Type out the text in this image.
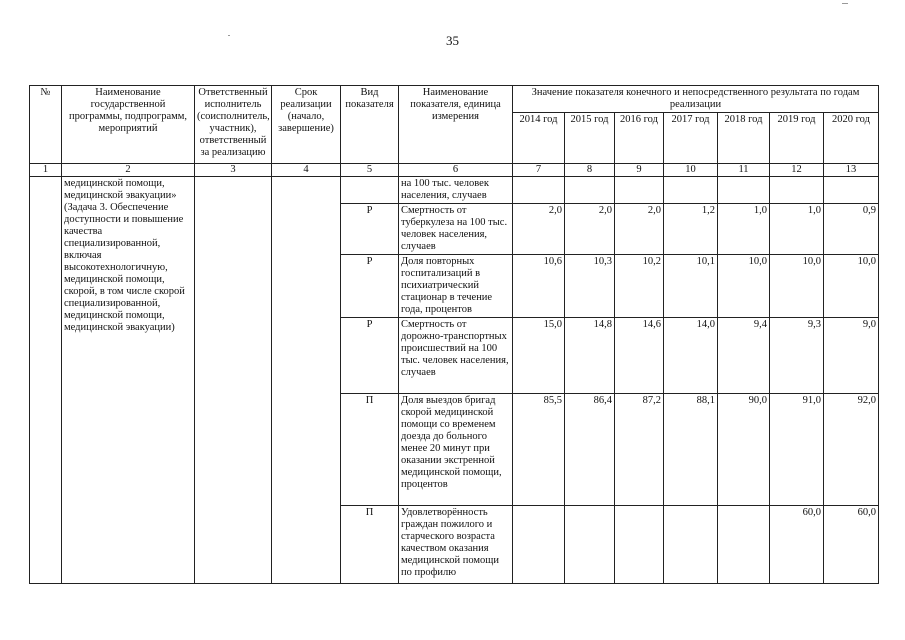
35
№	Наименование государственной программы, подпрограмм, мероприятий	Ответственный исполнитель (соисполнитель, участник), ответственный за реализацию	Срок реализации (начало, завершение)	Вид показателя	Наименование показателя, единица измерения	Значение показателя конечного и непосредственного результата по годам реализации						
						2014 год	2015 год	2016 год	2017 год	2018 год	2019 год	2020 год
1	2	3	4	5	6	7	8	9	10	11	12	13
	медицинской помощи, медицинской эвакуации» (Задача 3. Обеспечение доступности и повышение качества специализированной, включая высокотехнологичную, медицинской помощи, скорой, в том числе скорой специализированной, медицинской помощи, медицинской эвакуации)				на 100 тыс. человек населения, случаев							
				Р	Смертность от туберкулеза на 100 тыс. человек населения, случаев	2,0	2,0	2,0	1,2	1,0	1,0	0,9
				Р	Доля повторных госпитализаций в психиатрический стационар в течение года, процентов	10,6	10,3	10,2	10,1	10,0	10,0	10,0
				Р	Смертность от дорожно-транспортных происшествий на 100 тыс. человек населения, случаев	15,0	14,8	14,6	14,0	9,4	9,3	9,0
				П	Доля выездов бригад скорой медицинской помощи со временем доезда до больного менее 20 минут при оказании экстренной медицинской помощи, процентов	85,5	86,4	87,2	88,1	90,0	91,0	92,0
				П	Удовлетворённость граждан пожилого и старческого возраста качеством оказания медицинской помощи по профилю						60,0	60,0
